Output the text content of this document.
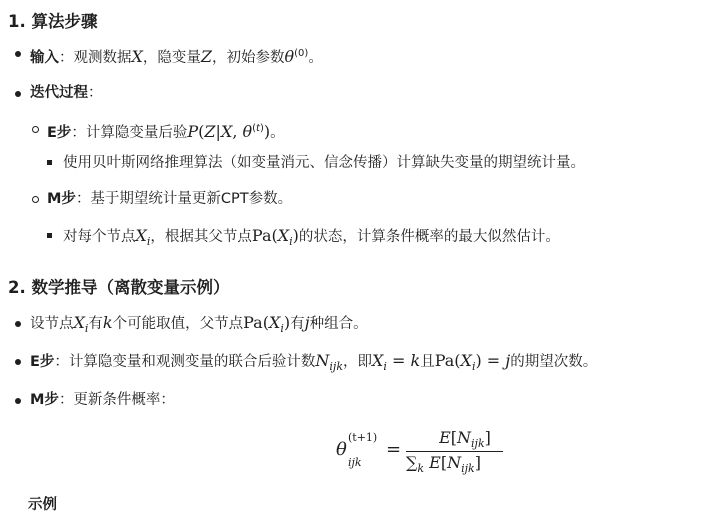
1. 算法步骤
输入：观测数据X，隐变量Z，初始参数$\theta^{(0)}$。
迭代过程：
E步：计算隐变量后验P(Z|X, $\theta^{(t)}$)。
使用贝叶斯网络推理算法（如变量消元、信念传播）计算缺失变量的期望统计量。
M步：基于期望统计量更新CPT参数。
对每个节点$X_i$，根据其父节点$Pa(X_i)$的状态，计算条件概率的最大似然估计。
2. 数学推导（离散变量示例）
设节点$X_i$有k个可能取值，父节点$Pa(X_i)$有j种组合。
E步：计算隐变量和观测变量的联合后验计数$N_{ijk}$，即$X_i = k$且$Pa(X_i) = j$的期望次数。
M步：更新条件概率：
θ
(t+1)
ijk
=
$E[N_{ijk}]$
$\sum_k$ $E[N_{ijk}]$
示例
